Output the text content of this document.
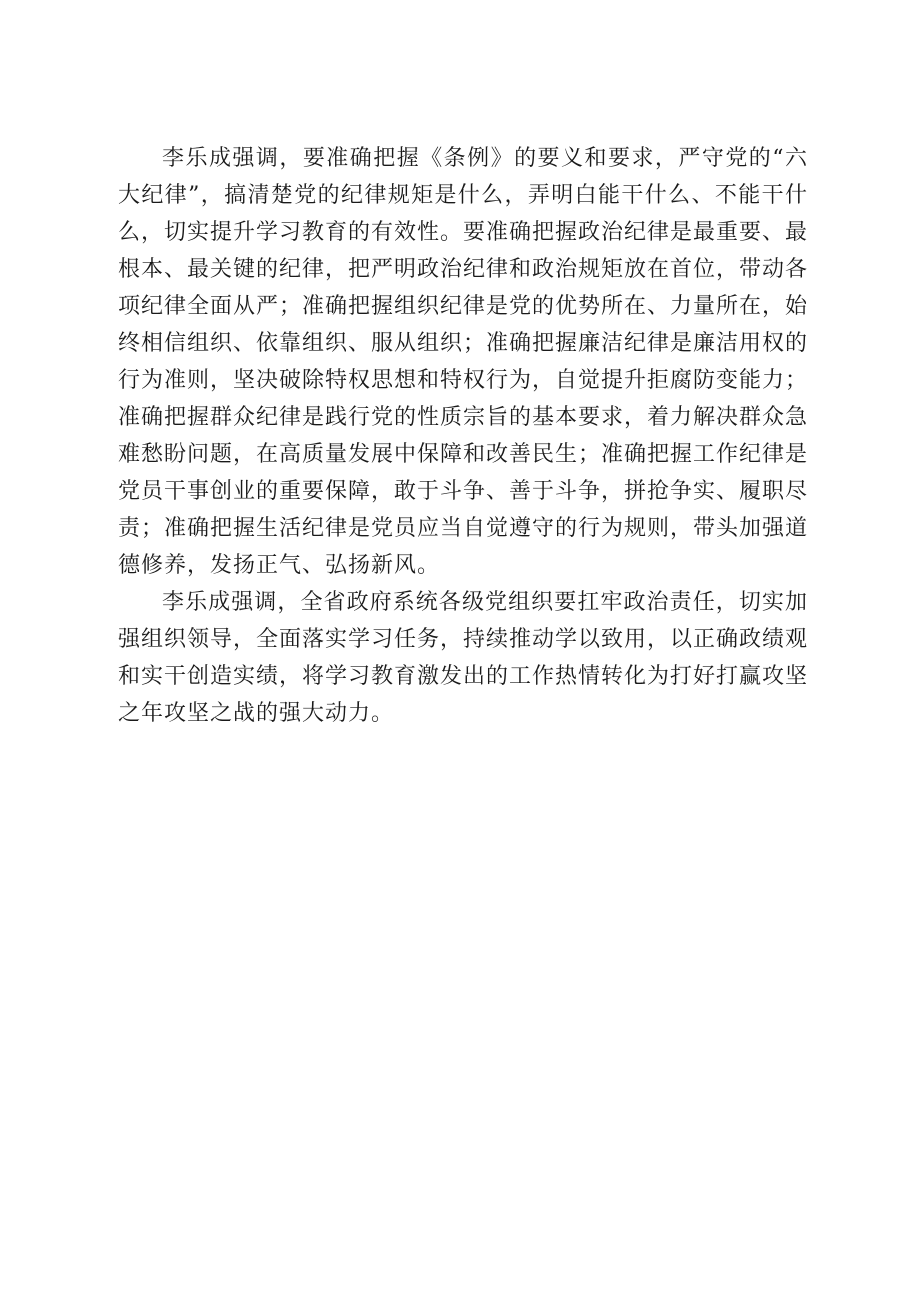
李乐成强调，要准确把握《条例》的要义和要求，严守党的“六大纪律”，搞清楚党的纪律规矩是什么，弄明白能干什么、不能干什么，切实提升学习教育的有效性。要准确把握政治纪律是最重要、最根本、最关键的纪律，把严明政治纪律和政治规矩放在首位，带动各项纪律全面从严；准确把握组织纪律是党的优势所在、力量所在，始终相信组织、依靠组织、服从组织；准确把握廉洁纪律是廉洁用权的行为准则，坚决破除特权思想和特权行为，自觉提升拒腐防变能力；准确把握群众纪律是践行党的性质宗旨的基本要求，着力解决群众急难愁盼问题，在高质量发展中保障和改善民生；准确把握工作纪律是党员干事创业的重要保障，敢于斗争、善于斗争，拼抢争实、履职尽责；准确把握生活纪律是党员应当自觉遵守的行为规则，带头加强道德修养，发扬正气、弘扬新风。

李乐成强调，全省政府系统各级党组织要扛牢政治责任，切实加强组织领导，全面落实学习任务，持续推动学以致用，以正确政绩观和实干创造实绩，将学习教育激发出的工作热情转化为打好打赢攻坚之年攻坚之战的强大动力。
